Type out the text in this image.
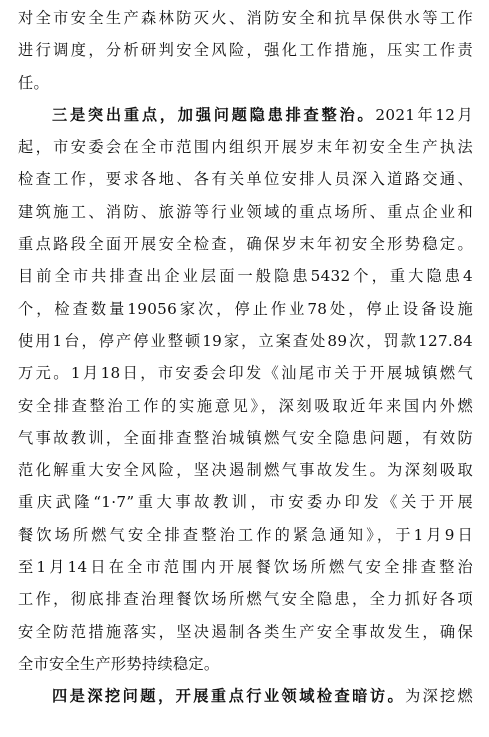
对全市安全生产森林防灭火、消防安全和抗旱保供水等工作
进行调度，分析研判安全风险，强化工作措施，压实工作责
任。
三是突出重点，加强问题隐患排查整治。2021年12月
起，市安委会在全市范围内组织开展岁末年初安全生产执法
检查工作，要求各地、各有关单位安排人员深入道路交通、
建筑施工、消防、旅游等行业领域的重点场所、重点企业和
重点路段全面开展安全检查，确保岁末年初安全形势稳定。
目前全市共排查出企业层面一般隐患5432个，重大隐患4
个，检查数量19056家次，停止作业78处，停止设备设施
使用1台，停产停业整顿19家，立案查处89次，罚款127.84
万元。1月18日，市安委会印发《汕尾市关于开展城镇燃气
安全排查整治工作的实施意见》，深刻吸取近年来国内外燃
气事故教训，全面排查整治城镇燃气安全隐患问题，有效防
范化解重大安全风险，坚决遏制燃气事故发生。为深刻吸取
重庆武隆“1·7”重大事故教训，市安委办印发《关于开展
餐饮场所燃气安全排查整治工作的紧急通知》，于1月9日
至1月14日在全市范围内开展餐饮场所燃气安全排查整治
工作，彻底排查治理餐饮场所燃气安全隐患，全力抓好各项
安全防范措施落实，坚决遏制各类生产安全事故发生，确保
全市安全生产形势持续稳定。
四是深挖问题，开展重点行业领域检查暗访。为深挖燃
